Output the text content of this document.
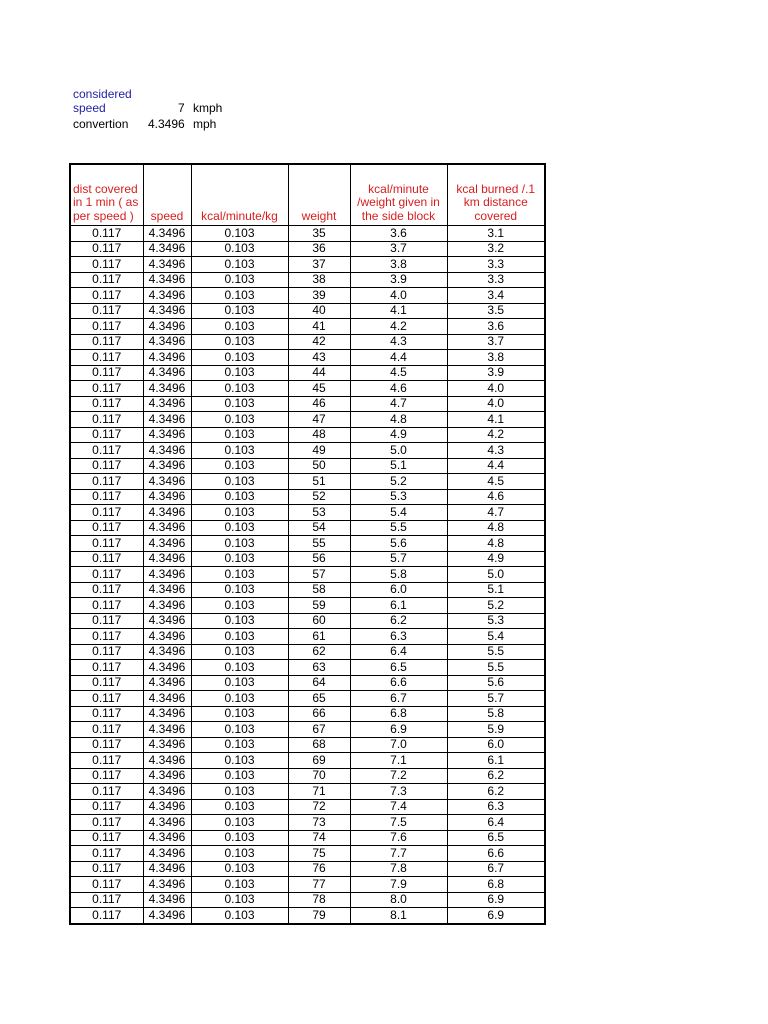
considered
speed	7 kmph
convertion 4.3496 mph
dist covered in 1 min ( as per speed )	speed	kcal/minute/kg	weight	kcal/minute /weight given in the side block	kcal burned /.1 km distance covered
0.117	4.3496	0.103	35	3.6	3.1
0.117	4.3496	0.103	36	3.7	3.2
0.117	4.3496	0.103	37	3.8	3.3
0.117	4.3496	0.103	38	3.9	3.3
0.117	4.3496	0.103	39	4.0	3.4
0.117	4.3496	0.103	40	4.1	3.5
0.117	4.3496	0.103	41	4.2	3.6
0.117	4.3496	0.103	42	4.3	3.7
0.117	4.3496	0.103	43	4.4	3.8
0.117	4.3496	0.103	44	4.5	3.9
0.117	4.3496	0.103	45	4.6	4.0
0.117	4.3496	0.103	46	4.7	4.0
0.117	4.3496	0.103	47	4.8	4.1
0.117	4.3496	0.103	48	4.9	4.2
0.117	4.3496	0.103	49	5.0	4.3
0.117	4.3496	0.103	50	5.1	4.4
0.117	4.3496	0.103	51	5.2	4.5
0.117	4.3496	0.103	52	5.3	4.6
0.117	4.3496	0.103	53	5.4	4.7
0.117	4.3496	0.103	54	5.5	4.8
0.117	4.3496	0.103	55	5.6	4.8
0.117	4.3496	0.103	56	5.7	4.9
0.117	4.3496	0.103	57	5.8	5.0
0.117	4.3496	0.103	58	6.0	5.1
0.117	4.3496	0.103	59	6.1	5.2
0.117	4.3496	0.103	60	6.2	5.3
0.117	4.3496	0.103	61	6.3	5.4
0.117	4.3496	0.103	62	6.4	5.5
0.117	4.3496	0.103	63	6.5	5.5
0.117	4.3496	0.103	64	6.6	5.6
0.117	4.3496	0.103	65	6.7	5.7
0.117	4.3496	0.103	66	6.8	5.8
0.117	4.3496	0.103	67	6.9	5.9
0.117	4.3496	0.103	68	7.0	6.0
0.117	4.3496	0.103	69	7.1	6.1
0.117	4.3496	0.103	70	7.2	6.2
0.117	4.3496	0.103	71	7.3	6.2
0.117	4.3496	0.103	72	7.4	6.3
0.117	4.3496	0.103	73	7.5	6.4
0.117	4.3496	0.103	74	7.6	6.5
0.117	4.3496	0.103	75	7.7	6.6
0.117	4.3496	0.103	76	7.8	6.7
0.117	4.3496	0.103	77	7.9	6.8
0.117	4.3496	0.103	78	8.0	6.9
0.117	4.3496	0.103	79	8.1	6.9
